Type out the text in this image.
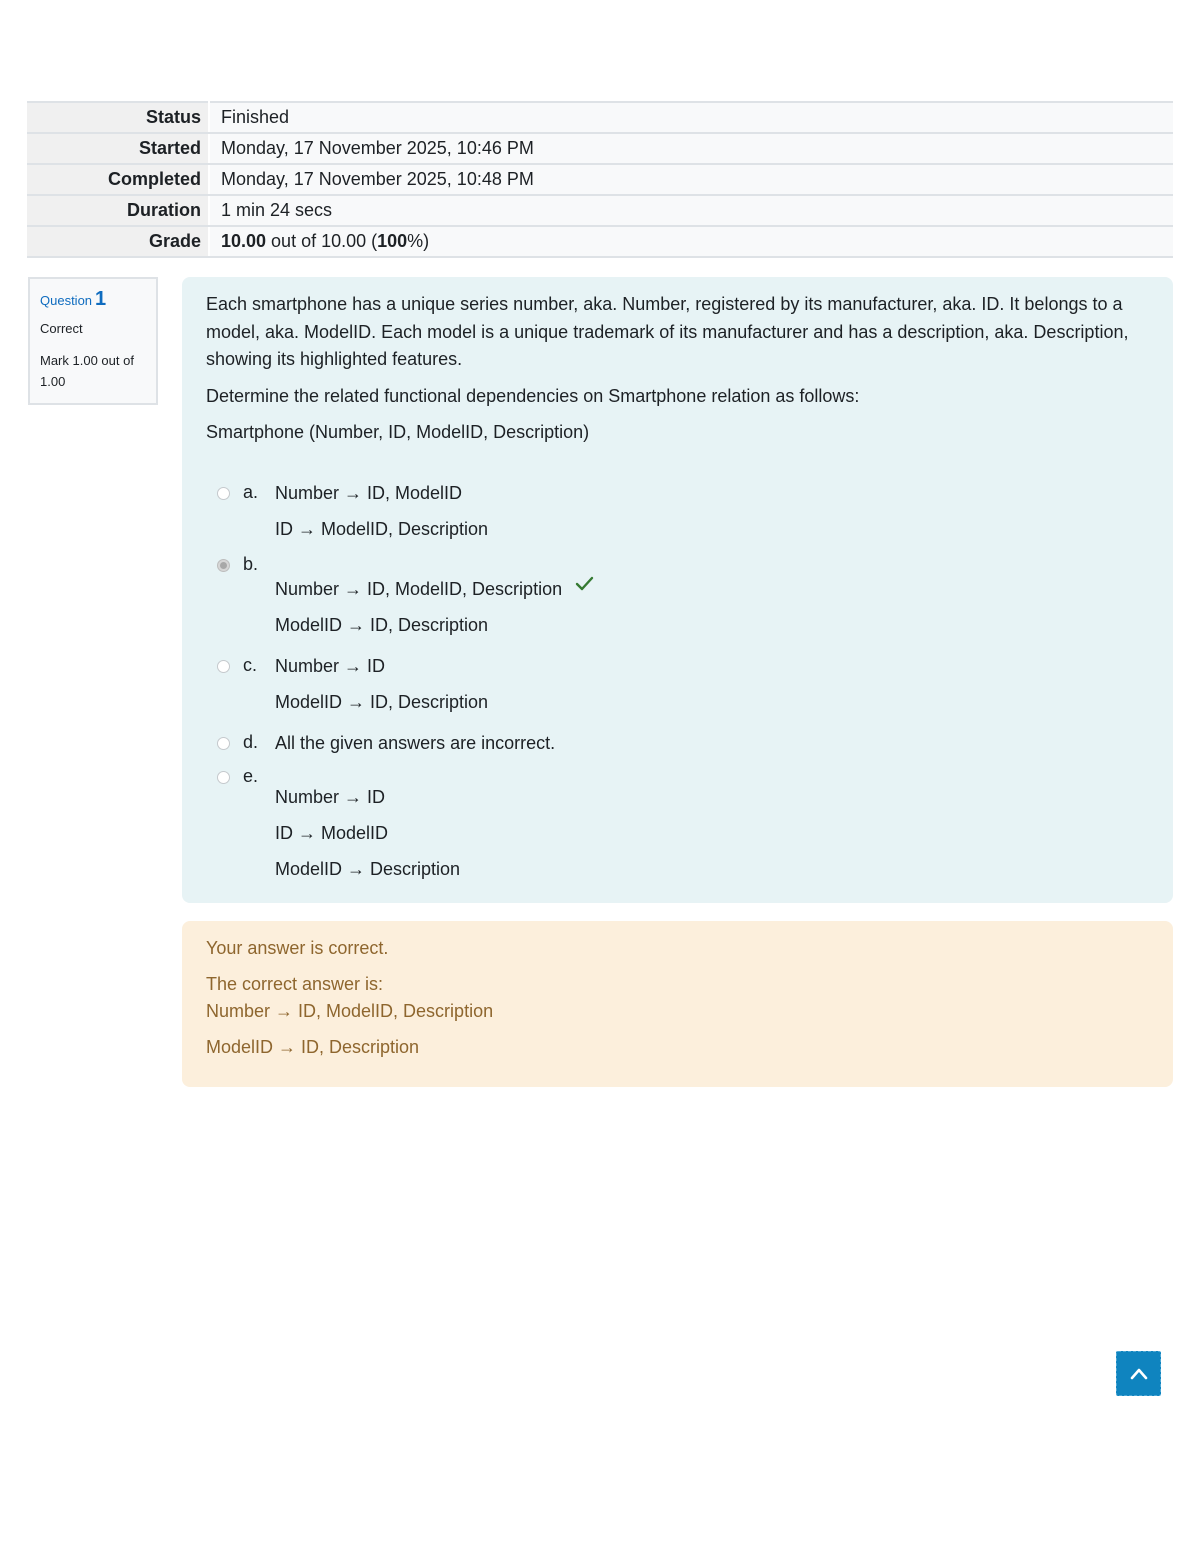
Status	Finished
Started	Monday, 17 November 2025, 10:46 PM
Completed	Monday, 17 November 2025, 10:48 PM
Duration	1 min 24 secs
Grade	10.00 out of 10.00 (100%)
Question 1
Correct
Mark 1.00 out of 1.00

Each smartphone has a unique series number, aka. Number, registered by its manufacturer, aka. ID. It belongs to a model, aka. ModelID. Each model is a unique trademark of its manufacturer and has a description, aka. Description, showing its highlighted features.

Determine the related functional dependencies on Smartphone relation as follows:

Smartphone (Number, ID, ModelID, Description)

a. Number → ID, ModelID
ID → ModelID, Description
b.
Number → ID, ModelID, Description
ModelID → ID, Description
c. Number → ID
ModelID → ID, Description
d. All the given answers are incorrect.
e.
Number → ID
ID → ModelID
ModelID → Description
Your answer is correct.
The correct answer is:
Number → ID, ModelID, Description
ModelID → ID, Description
